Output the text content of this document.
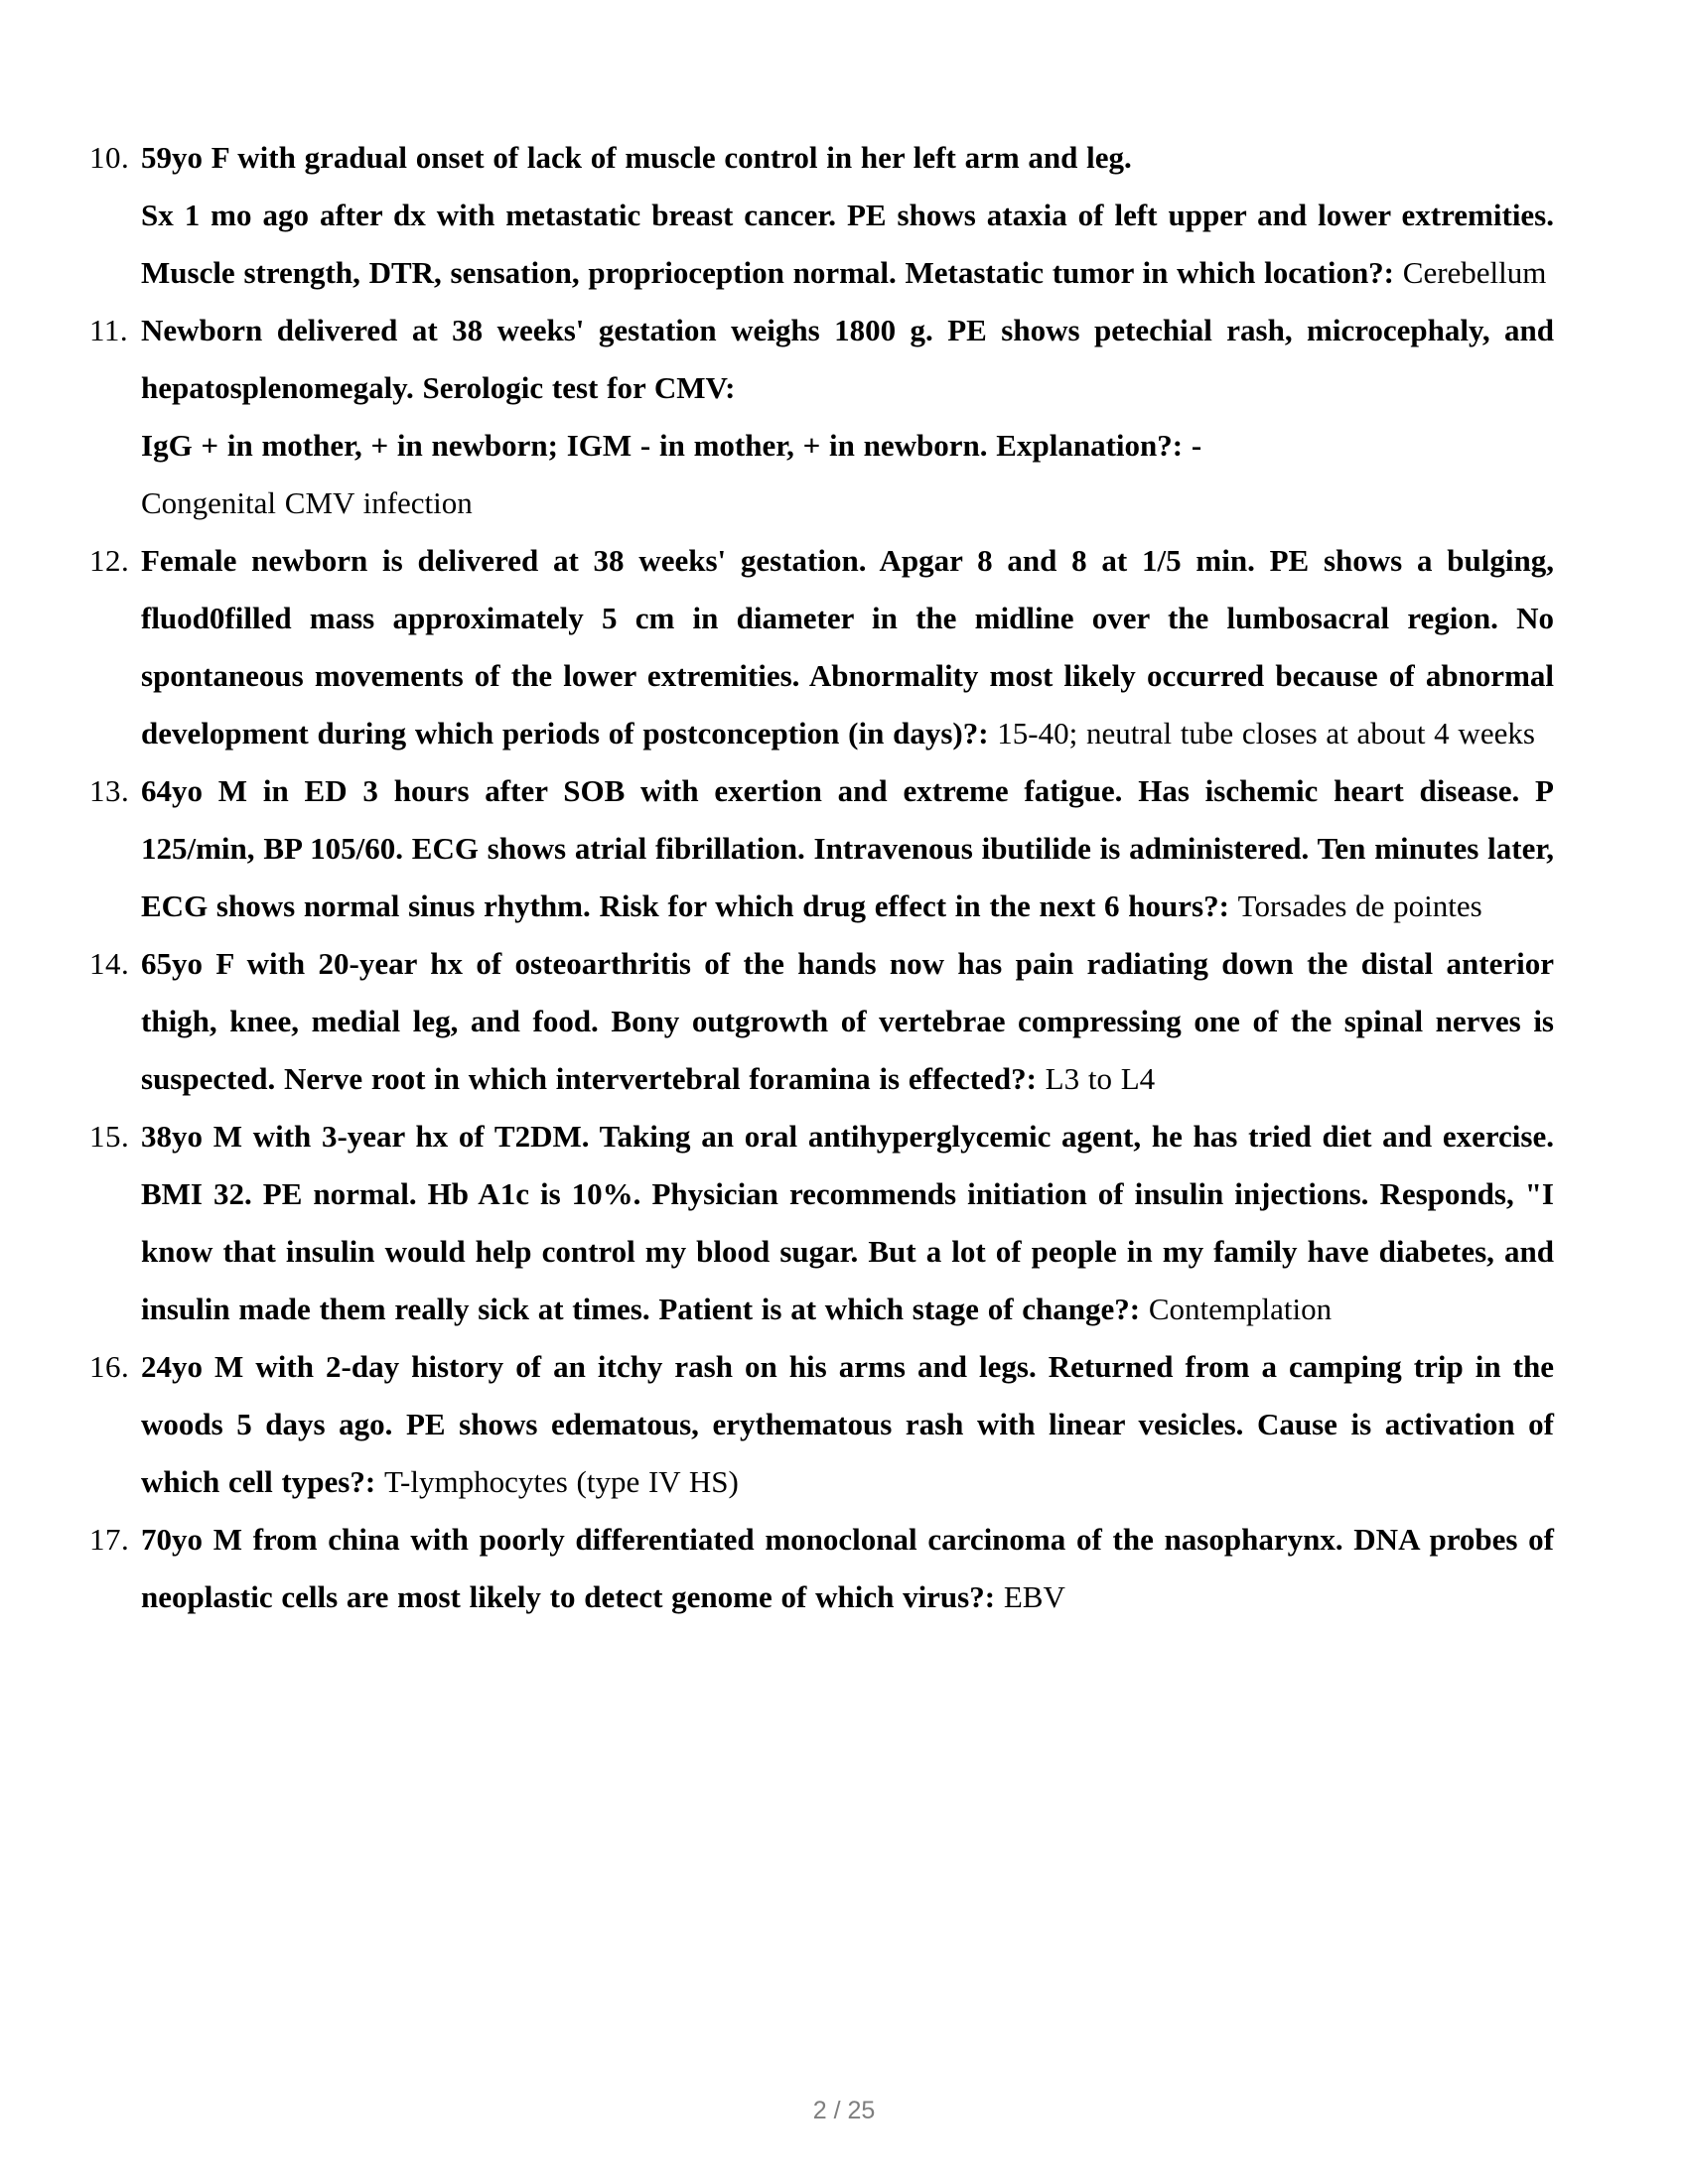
10. 59yo F with gradual onset of lack of muscle control in her left arm and leg.
Sx 1 mo ago after dx with metastatic breast cancer. PE shows ataxia of left upper and lower extremities. Muscle strength, DTR, sensation, proprioception normal. Metastatic tumor in which location?: Cerebellum
11. Newborn delivered at 38 weeks' gestation weighs 1800 g. PE shows petechial rash, microcephaly, and hepatosplenomegaly. Serologic test for CMV:
IgG + in mother, + in newborn; IGM - in mother, + in newborn. Explanation?: -
Congenital CMV infection
12. Female newborn is delivered at 38 weeks' gestation. Apgar 8 and 8 at 1/5 min. PE shows a bulging, fluod0filled mass approximately 5 cm in diameter in the midline over the lumbosacral region. No spontaneous movements of the lower extremities. Abnormality most likely occurred because of abnormal development during which periods of postconception (in days)?: 15-40; neutral tube closes at about 4 weeks
13. 64yo M in ED 3 hours after SOB with exertion and extreme fatigue. Has ischemic heart disease. P 125/min, BP 105/60. ECG shows atrial fibrillation. Intravenous ibutilide is administered. Ten minutes later, ECG shows normal sinus rhythm. Risk for which drug effect in the next 6 hours?: Torsades de pointes
14. 65yo F with 20-year hx of osteoarthritis of the hands now has pain radiating down the distal anterior thigh, knee, medial leg, and food. Bony outgrowth of vertebrae compressing one of the spinal nerves is suspected. Nerve root in which intervertebral foramina is effected?: L3 to L4
15. 38yo M with 3-year hx of T2DM. Taking an oral antihyperglycemic agent, he has tried diet and exercise. BMI 32. PE normal. Hb A1c is 10%. Physician recommends initiation of insulin injections. Responds, "I know that insulin would help control my blood sugar. But a lot of people in my family have diabetes, and insulin made them really sick at times. Patient is at which stage of change?: Contemplation
16. 24yo M with 2-day history of an itchy rash on his arms and legs. Returned from a camping trip in the woods 5 days ago. PE shows edematous, erythematous rash with linear vesicles. Cause is activation of which cell types?: T-lymphocytes (type IV HS)
17. 70yo M from china with poorly differentiated monoclonal carcinoma of the nasopharynx. DNA probes of neoplastic cells are most likely to detect genome of which virus?: EBV
2 / 25
